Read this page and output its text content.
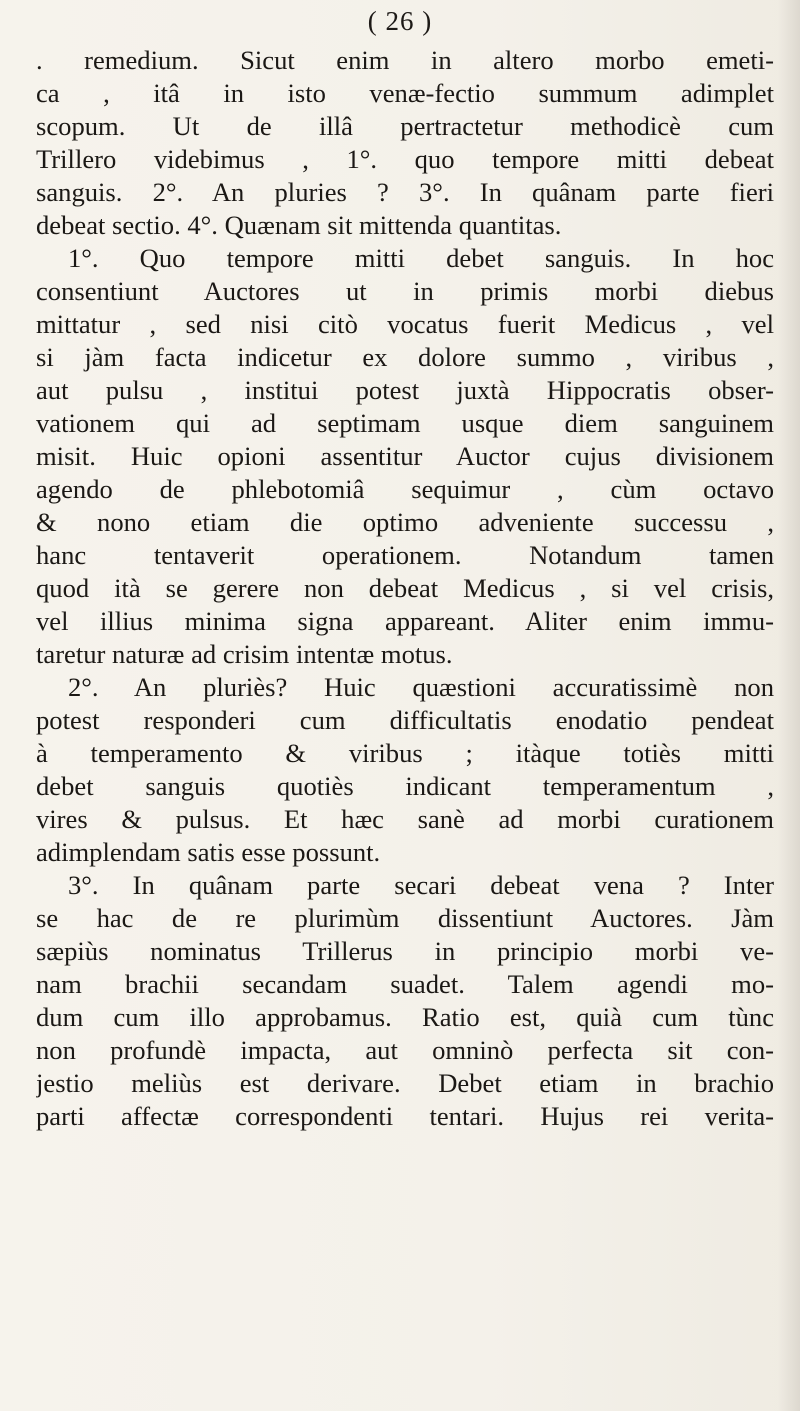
( 26 )
. remedium. Sicut enim in altero morbo emeti-
ca , itâ in isto venæ-fectio summum adimplet
scopum. Ut de illâ pertractetur methodicè cum
Trillero videbimus , 1°. quo tempore mitti debeat
sanguis. 2°. An pluries ? 3°. In quânam parte fieri
debeat sectio. 4°. Quænam sit mittenda quantitas.
1°. Quo tempore mitti debet sanguis. In hoc
consentiunt Auctores ut in primis morbi diebus
mittatur , sed nisi citò vocatus fuerit Medicus , vel
si jàm facta indicetur ex dolore summo , viribus ,
aut pulsu , institui potest juxtà Hippocratis obser-
vationem qui ad septimam usque diem sanguinem
misit. Huic opioni assentitur Auctor cujus divisionem
agendo de phlebotomiâ sequimur , cùm octavo
& nono etiam die optimo adveniente successu ,
hanc tentaverit operationem. Notandum tamen
quod ità se gerere non debeat Medicus , si vel crisis,
vel illius minima signa appareant. Aliter enim immu-
taretur naturæ ad crisim intentæ motus.
2°. An pluriès? Huic quæstioni accuratissimè non
potest responderi cum difficultatis enodatio pendeat
à temperamento & viribus ; itàque totiès mitti
debet sanguis quotiès indicant temperamentum ,
vires & pulsus. Et hæc sanè ad morbi curationem
adimplendam satis esse possunt.
3°. In quânam parte secari debeat vena ? Inter
se hac de re plurimùm dissentiunt Auctores. Jàm
sæpiùs nominatus Trillerus in principio morbi ve-
nam brachii secandam suadet. Talem agendi mo-
dum cum illo approbamus. Ratio est, quià cum tùnc
non profundè impacta, aut omninò perfecta sit con-
jestio meliùs est derivare. Debet etiam in brachio
parti affectæ correspondenti tentari. Hujus rei verita-
